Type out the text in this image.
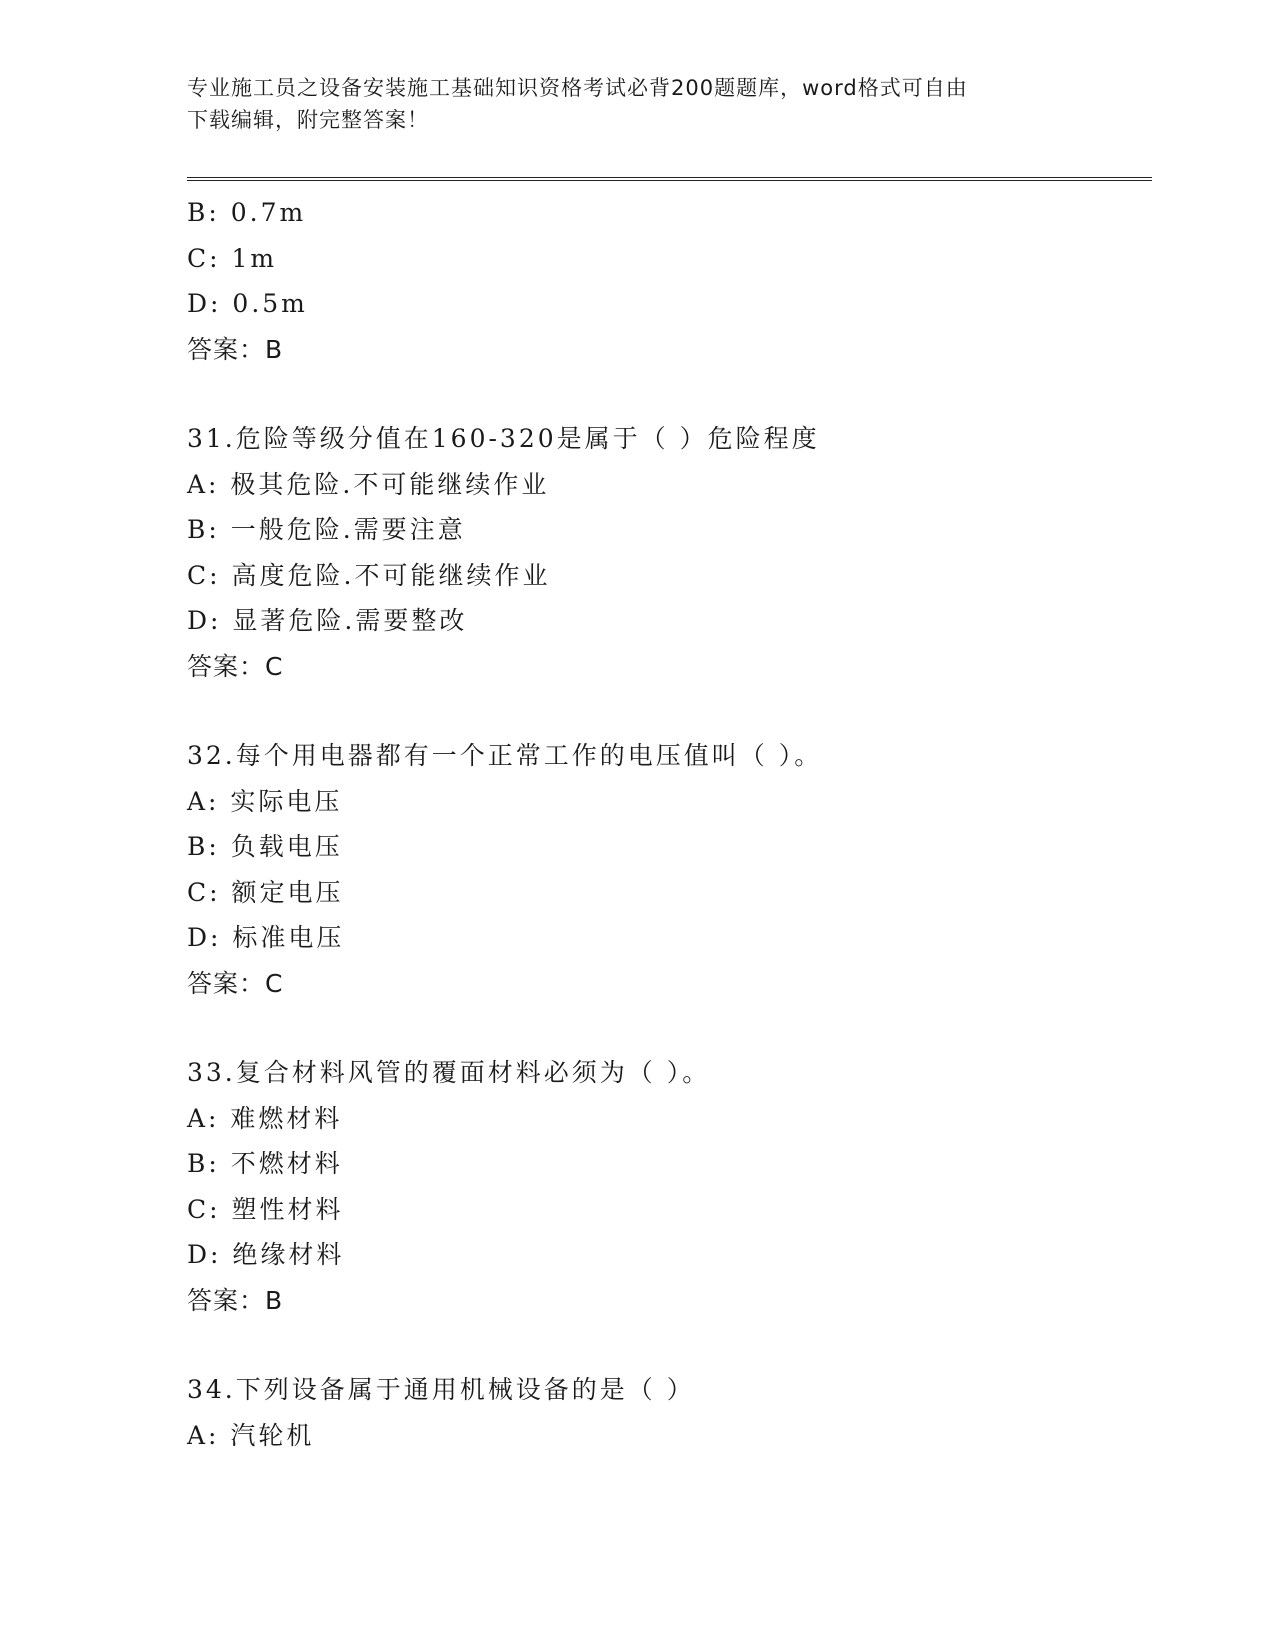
专业施工员之设备安装施工基础知识资格考试必背200题题库，word格式可自由
下载编辑，附完整答案！
B: 0.7m
C: 1m
D: 0.5m
答案：B
31.危险等级分值在160-320是属于（ ）危险程度
A: 极其危险.不可能继续作业
B: 一般危险.需要注意
C: 高度危险.不可能继续作业
D: 显著危险.需要整改
答案：C
32.每个用电器都有一个正常工作的电压值叫（ ）。
A: 实际电压
B: 负载电压
C: 额定电压
D: 标准电压
答案：C
33.复合材料风管的覆面材料必须为（ ）。
A: 难燃材料
B: 不燃材料
C: 塑性材料
D: 绝缘材料
答案：B
34.下列设备属于通用机械设备的是（ ）
A: 汽轮机
